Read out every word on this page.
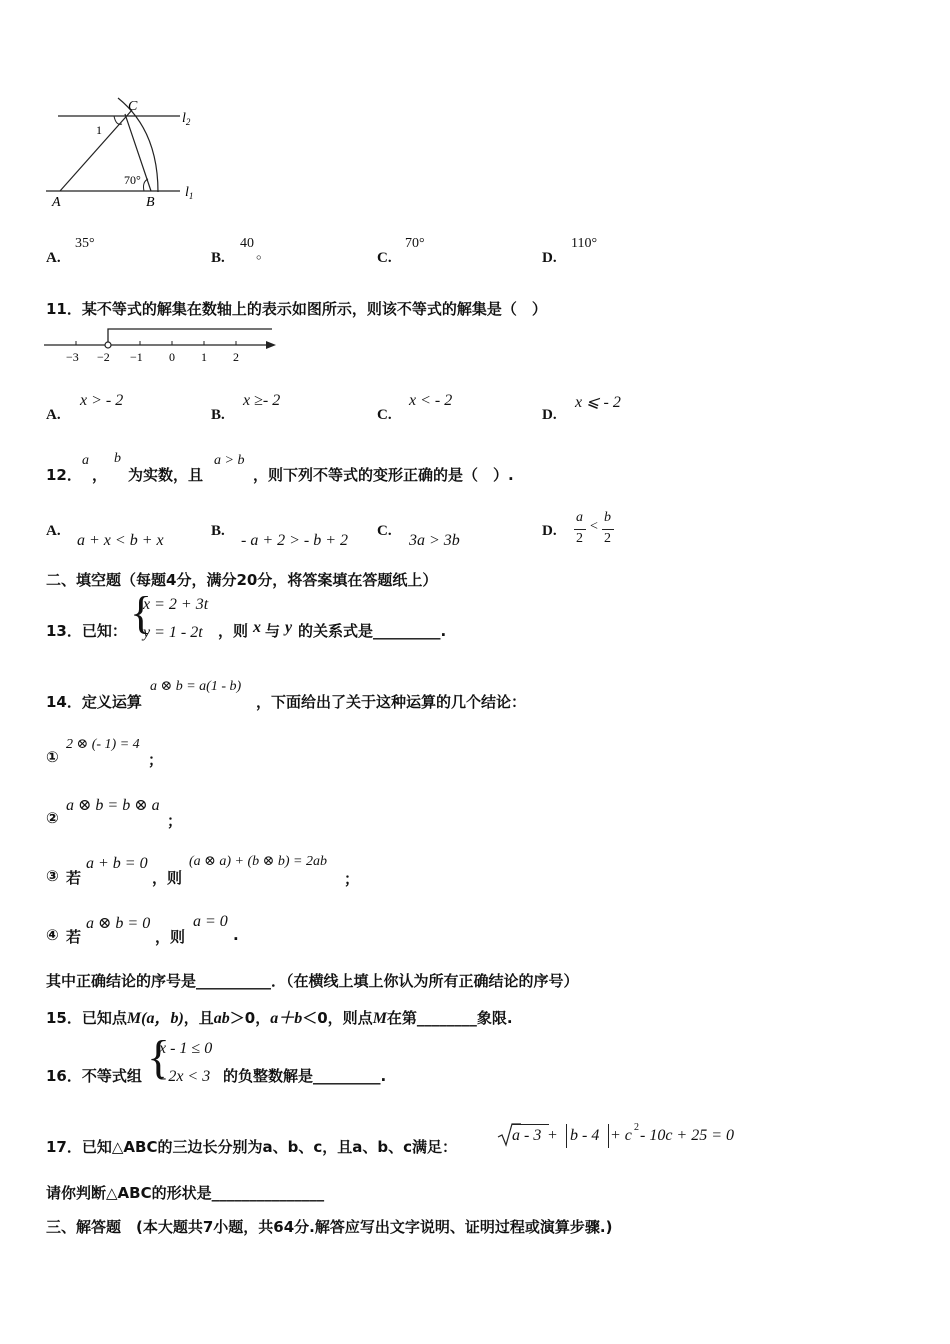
C
A	B
$l_2$
$l_1$
1
70°
A.
35°
B.
40
。	C.
70°
D.
110°
11．某不等式的解集在数轴上的表示如图所示，则该不等式的解集是（　）
−3 −2 −1 0 1 2
A.
x > - 2
B.
x ≥- 2
C.
x < - 2
D.
x ⩽ - 2
12．
a
，
b
为实数，且
a > b
，则下列不等式的变形正确的是（　）.
A.
a + x < b + x
B.
- a + 2 > - b + 2
C.
3a > 3b
D.
a
2
<
b
2
二、填空题（每题4分，满分20分，将答案填在答题纸上）
13．已知： {
x = 2 + 3t
y = 1 - 2t ，则 x 与 y 的关系式是_________.
14．定义运算
a ⊗ b = a(1 - b)
，下面给出了关于这种运算的几个结论：
①
2 ⊗ (- 1) = 4
；
②
a ⊗ b = b ⊗ a
；
③ 若
a + b = 0
，则
(a ⊗ a) + (b ⊗ b) = 2ab
；
④ 若
a ⊗ b = 0
，则
a = 0
.
其中正确结论的序号是__________．（在横线上填上你认为所有正确结论的序号）
15．已知点M(a，b)，且ab＞0，a＋b＜0，则点M在第________象限.
16．不等式组 {
x - 1 ≤ 0
- 2x < 3 的负整数解是_________.
17．已知△ABC的三边长分别为a、b、c，且a、b、c满足：
a - 3 + b - 4 + c 2 - 10c + 25 = 0
请你判断△ABC的形状是_______________
三、解答题　(本大题共7小题，共64分.解答应写出文字说明、证明过程或演算步骤.)
